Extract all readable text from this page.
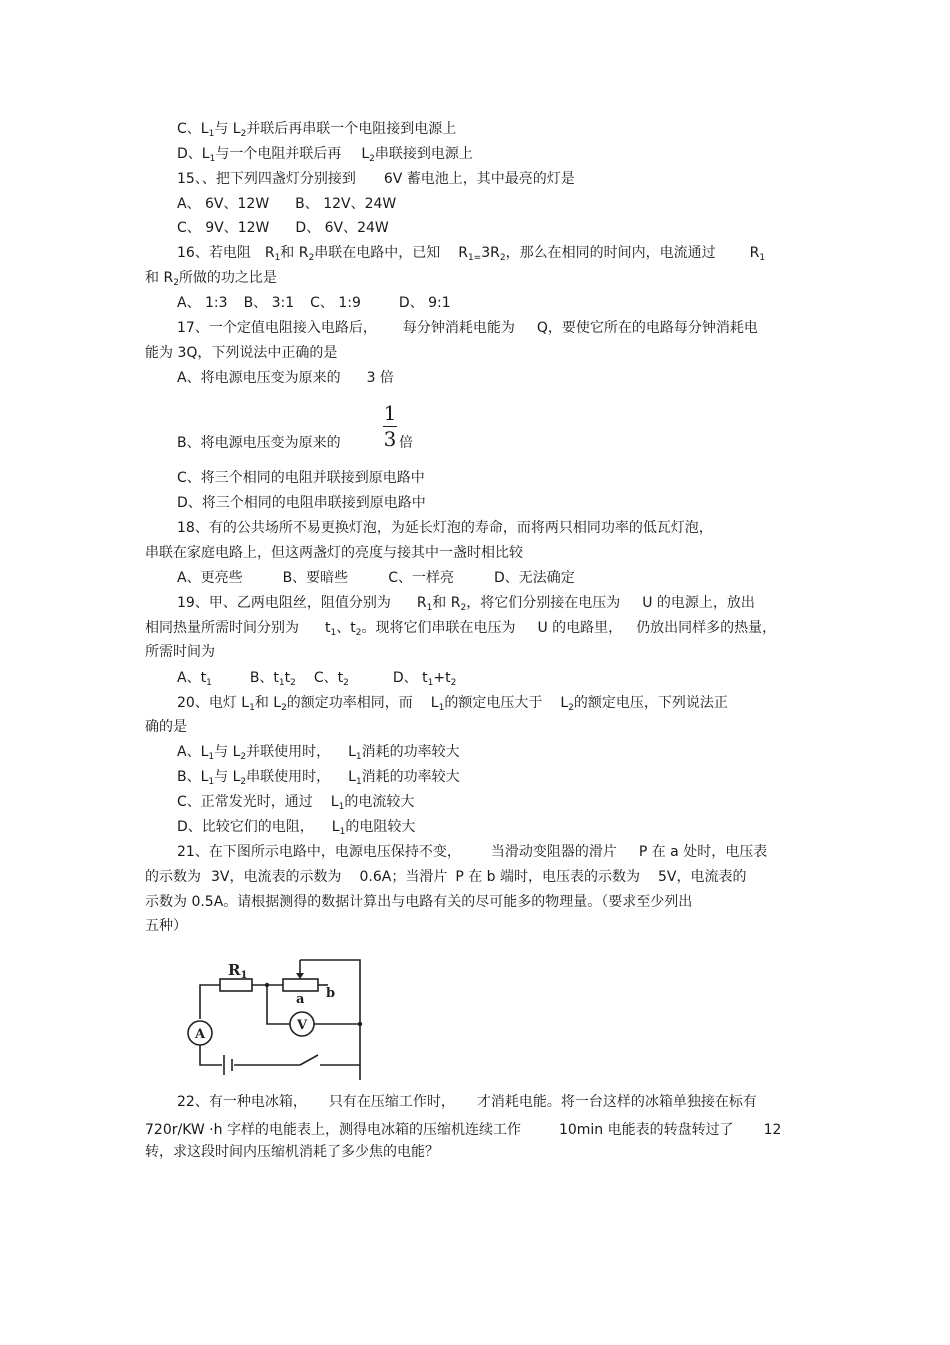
C、$L_1$与 $L_2$并联后再串联一个电阻接到电源上
D、$L_1$与一个电阻并联后再 $L_2$串联接到电源上
15、、把下列四盏灯分别接到 6V 蓄电池上，其中最亮的灯是
A、 6V、12W B、 12V、24W
C、 9V、12W D、 6V、24W
16、若电阻 $R_1$和 $R_2$串联在电路中，已知 $R_{1=}3R_2$，那么在相同的时间内，电流通过 $R_1$
和 $R_2$所做的功之比是
A、 1:3 B、 3:1 C、 1:9	D、 9:1
17、一个定值电阻接入电路后， 每分钟消耗电能为 Q，要使它所在的电路每分钟消耗电
能为 3Q，下列说法中正确的是
A、将电源电压变为原来的 3 倍
1
3
B、将电源电压变为原来的	倍
C、将三个相同的电阻并联接到原电路中
D、将三个相同的电阻串联接到原电路中
18、有的公共场所不易更换灯泡，为延长灯泡的寿命，而将两只相同功率的低瓦灯泡，
串联在家庭电路上，但这两盏灯的亮度与接其中一盏时相比较
A、更亮些	B、要暗些	C、一样亮	D、无法确定
19、甲、乙两电阻丝，阻值分别为 $R_1$和 $R_2$，将它们分别接在电压为 U 的电源上，放出
相同热量所需时间分别为 $t_1$、$t_2$。现将它们串联在电压为 U 的电路里， 仍放出同样多的热量，
所需时间为
A、$t_1$	B、$t_1t_2$ C、$t_2$	D、 $t_1+t_2$
20、电灯 $L_1$和 $L_2$的额定功率相同，而 $L_1$的额定电压大于 $L_2$的额定电压，下列说法正
确的是
A、$L_1$与 $L_2$并联使用时， $L_1$消耗的功率较大
B、$L_1$与 $L_2$串联使用时， $L_1$消耗的功率较大
C、正常发光时，通过 $L_1$的电流较大
D、比较它们的电阻， $L_1$的电阻较大
21、在下图所示电路中，电源电压保持不变， 当滑动变阻器的滑片 P 在 a 处时，电压表
的示数为 3V，电流表的示数为 0.6A；当滑片 P 在 b 端时，电压表的示数为 5V，电流表的
示数为 0.5A。请根据测得的数据计算出与电路有关的尽可能多的物理量。（要求至少列出
五种）
$R_1$
a b
A
V
22、有一种电冰箱， 只有在压缩工作时， 才消耗电能。将一台这样的冰箱单独接在标有
720r/KW ·h 字样的电能表上，测得电冰箱的压缩机连续工作	10min 电能表的转盘转过了 12
转，求这段时间内压缩机消耗了多少焦的电能？
